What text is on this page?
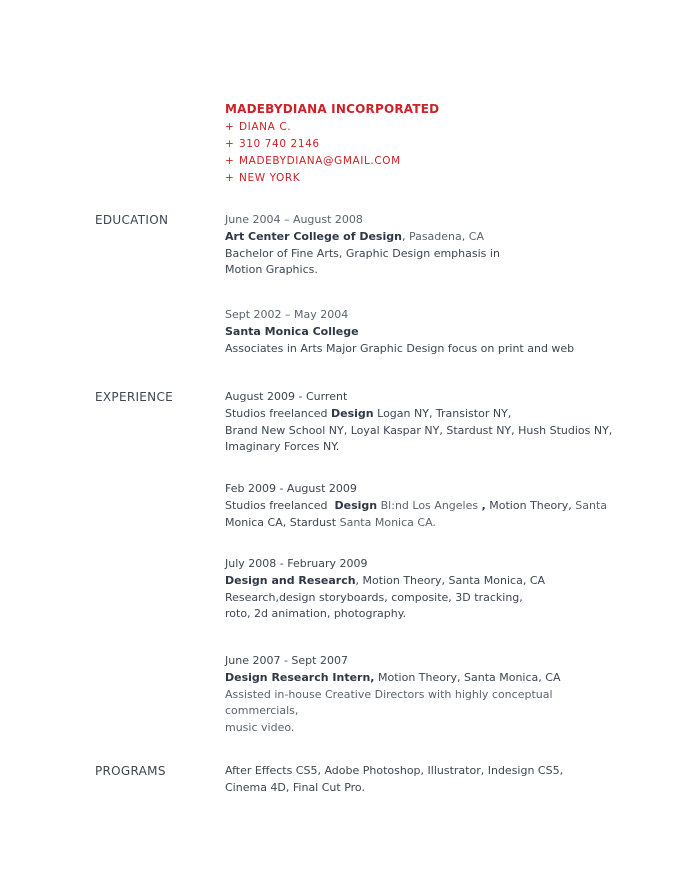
MADEBYDIANA INCORPORATED
+ DIANA C.
+ 310 740 2146
+ MADEBYDIANA@GMAIL.COM
+ NEW YORK
EDUCATION	June 2004 – August 2008

Art Center College of Design, Pasadena, CA

Bachelor of Fine Arts, Graphic Design emphasis in

Motion Graphics.

Sept 2002 – May 2004

Santa Monica College

Associates in Arts Major Graphic Design focus on print and web

EXPERIENCE	August 2009 - Current

Studios freelanced Design Logan NY, Transistor NY,

Brand New School NY, Loyal Kaspar NY, Stardust NY, Hush Studios NY,

Imaginary Forces NY.

Feb 2009 - August 2009

Studios freelanced  Design Bl:nd Los Angeles , Motion Theory, Santa

Monica CA, Stardust Santa Monica CA.

July 2008 - February 2009

Design and Research, Motion Theory, Santa Monica, CA

Research,design storyboards, composite, 3D tracking,

roto, 2d animation, photography.

June 2007 - Sept 2007

Design Research Intern, Motion Theory, Santa Monica, CA

Assisted in-house Creative Directors with highly conceptual commercials,

music video.

PROGRAMS	After Effects CS5, Adobe Photoshop, Illustrator, Indesign CS5,

Cinema 4D, Final Cut Pro.
